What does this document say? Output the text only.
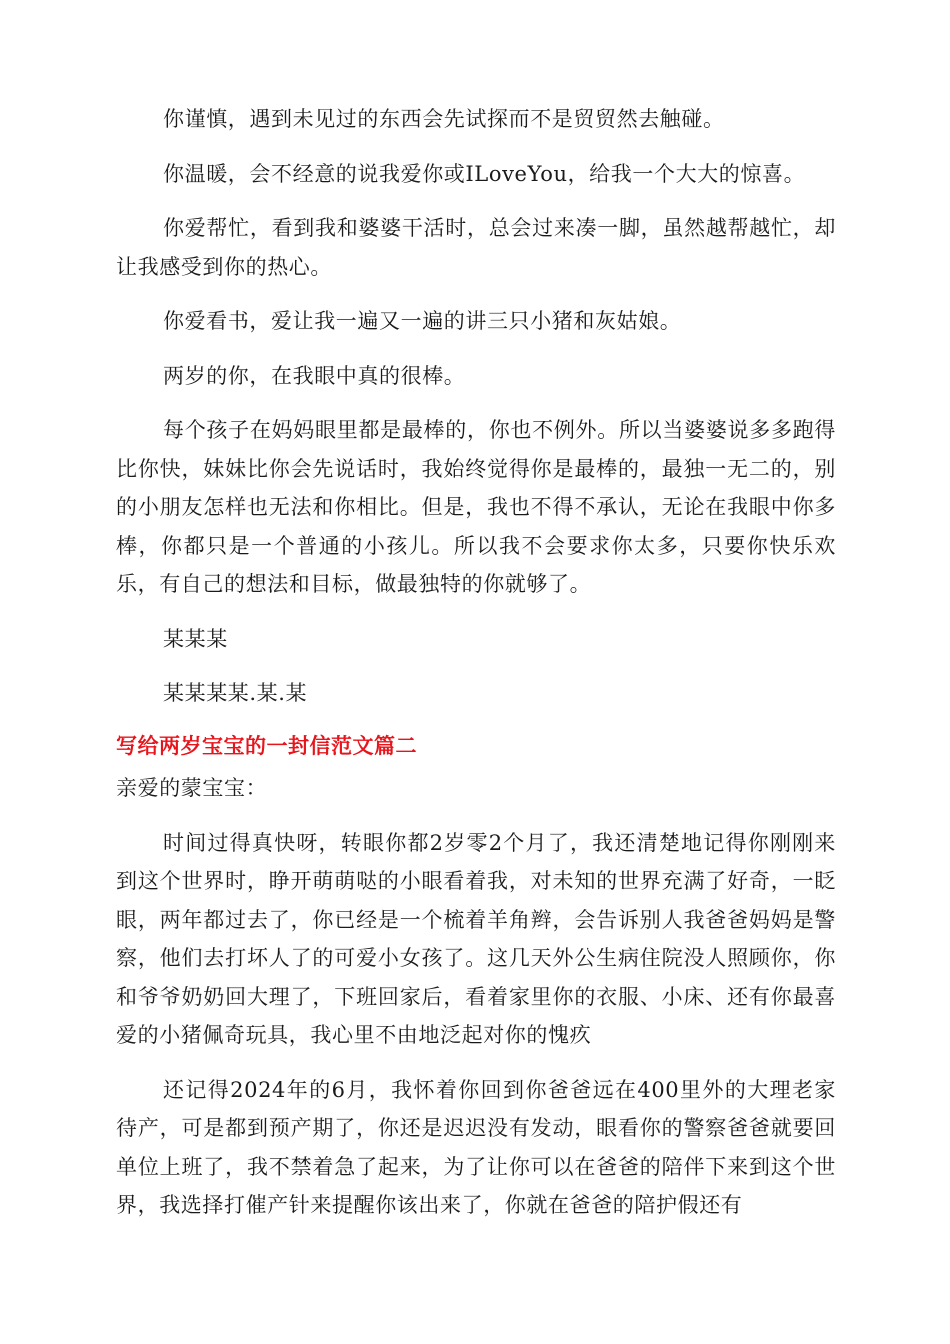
你谨慎，遇到未见过的东西会先试探而不是贸贸然去触碰。

你温暖，会不经意的说我爱你或ILoveYou，给我一个大大的惊喜。

你爱帮忙，看到我和婆婆干活时，总会过来凑一脚，虽然越帮越忙，却让我感受到你的热心。

你爱看书，爱让我一遍又一遍的讲三只小猪和灰姑娘。

两岁的你，在我眼中真的很棒。

每个孩子在妈妈眼里都是最棒的，你也不例外。所以当婆婆说多多跑得比你快，妹妹比你会先说话时，我始终觉得你是最棒的，最独一无二的，别的小朋友怎样也无法和你相比。但是，我也不得不承认，无论在我眼中你多棒，你都只是一个普通的小孩儿。所以我不会要求你太多，只要你快乐欢乐，有自己的想法和目标，做最独特的你就够了。

某某某

某某某某.某.某

写给两岁宝宝的一封信范文篇二

亲爱的蒙宝宝：

时间过得真快呀，转眼你都2岁零2个月了，我还清楚地记得你刚刚来到这个世界时，睁开萌萌哒的小眼看着我，对未知的世界充满了好奇，一眨眼，两年都过去了，你已经是一个梳着羊角辫，会告诉别人我爸爸妈妈是警察，他们去打坏人了的可爱小女孩了。这几天外公生病住院没人照顾你，你和爷爷奶奶回大理了，下班回家后，看着家里你的衣服、小床、还有你最喜爱的小猪佩奇玩具，我心里不由地泛起对你的愧疚

还记得2024年的6月，我怀着你回到你爸爸远在400里外的大理老家待产，可是都到预产期了，你还是迟迟没有发动，眼看你的警察爸爸就要回单位上班了，我不禁着急了起来，为了让你可以在爸爸的陪伴下来到这个世界，我选择打催产针来提醒你该出来了，你就在爸爸的陪护假还有
